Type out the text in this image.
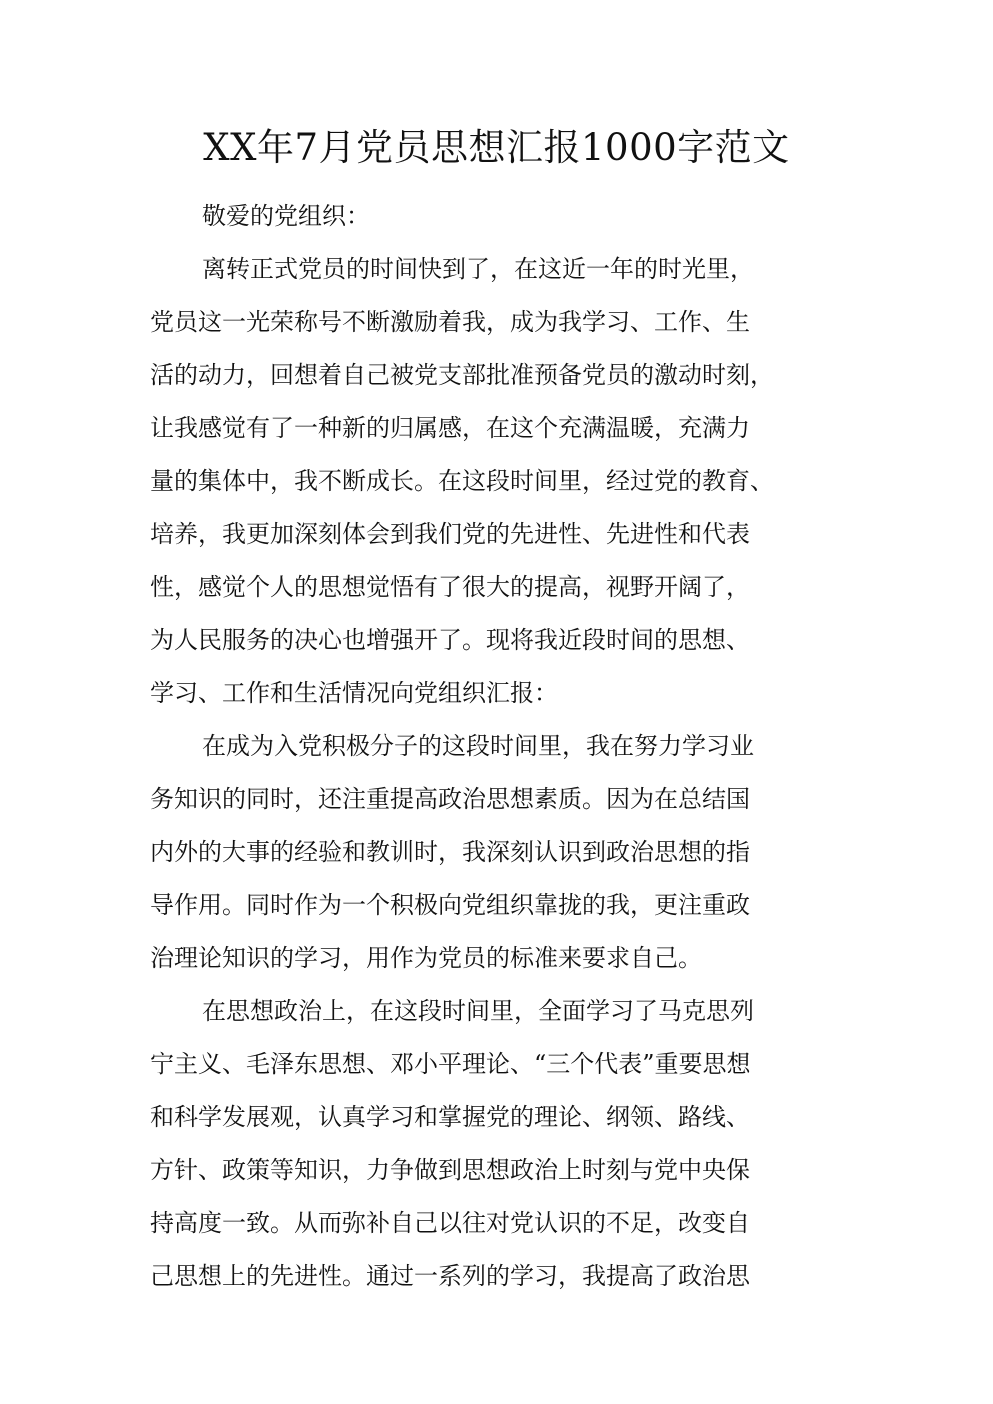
XX年7月党员思想汇报1000字范文
敬爱的党组织：
离转正式党员的时间快到了，在这近一年的时光里，
党员这一光荣称号不断激励着我，成为我学习、工作、生
活的动力，回想着自己被党支部批准预备党员的激动时刻，
让我感觉有了一种新的归属感，在这个充满温暖，充满力
量的集体中，我不断成长。在这段时间里，经过党的教育、
培养，我更加深刻体会到我们党的先进性、先进性和代表
性，感觉个人的思想觉悟有了很大的提高，视野开阔了，
为人民服务的决心也增强开了。现将我近段时间的思想、
学习、工作和生活情况向党组织汇报：
在成为入党积极分子的这段时间里，我在努力学习业
务知识的同时，还注重提高政治思想素质。因为在总结国
内外的大事的经验和教训时，我深刻认识到政治思想的指
导作用。同时作为一个积极向党组织靠拢的我，更注重政
治理论知识的学习，用作为党员的标准来要求自己。
在思想政治上，在这段时间里，全面学习了马克思列
宁主义、毛泽东思想、邓小平理论、“三个代表”重要思想
和科学发展观，认真学习和掌握党的理论、纲领、路线、
方针、政策等知识，力争做到思想政治上时刻与党中央保
持高度一致。从而弥补自己以往对党认识的不足，改变自
己思想上的先进性。通过一系列的学习，我提高了政治思
